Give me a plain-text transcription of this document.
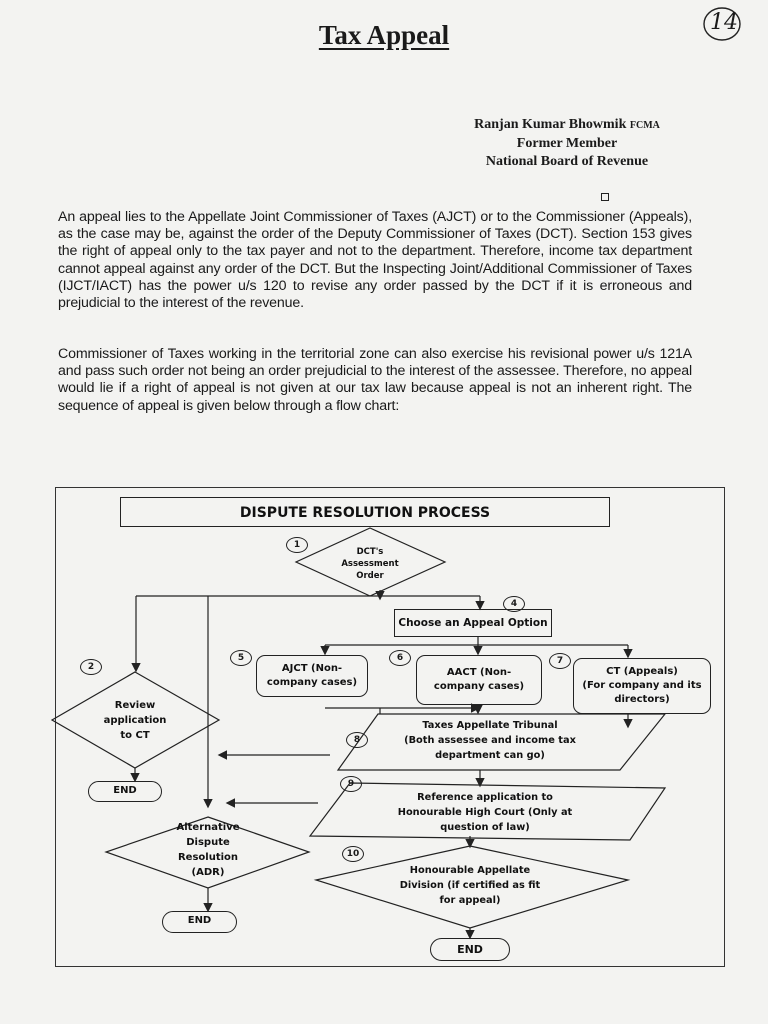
14
Tax Appeal
Ranjan Kumar Bhowmik FCMA
Former Member
National Board of Revenue
An appeal lies to the Appellate Joint Commissioner of Taxes (AJCT) or to the Commissioner (Appeals), as the case may be, against the order of the Deputy Commissioner of Taxes (DCT). Section 153 gives the right of appeal only to the tax payer and not to the department. Therefore, income tax department cannot appeal against any order of the DCT. But the Inspecting Joint/Additional Commissioner of Taxes (IJCT/IACT) has the power u/s 120 to revise any order passed by the DCT if it is erroneous and prejudicial to the interest of the revenue.
Commissioner of Taxes working in the territorial zone can also exercise his revisional power u/s 121A and pass such order not being an order prejudicial to the interest of the assessee. Therefore, no appeal would lie if a right of appeal is not given at our tax law because appeal is not an inherent right. The sequence of appeal is given below through a flow chart:
DISPUTE RESOLUTION PROCESS
DCT's
Assessment
Order
1
Choose an Appeal Option
4
AJCT (Non-
company cases)
5
AACT (Non-
company cases)
6
CT (Appeals)
(For company and its
directors)
7
Review
application
to CT
2
Taxes Appellate Tribunal
(Both assessee and income tax
department can go)
8
Reference application to
Honourable High Court (Only at
question of law)
9
Honourable Appellate
Division (if certified as fit
for appeal)
10
Alternative
Dispute
Resolution
(ADR)
END
END
END
